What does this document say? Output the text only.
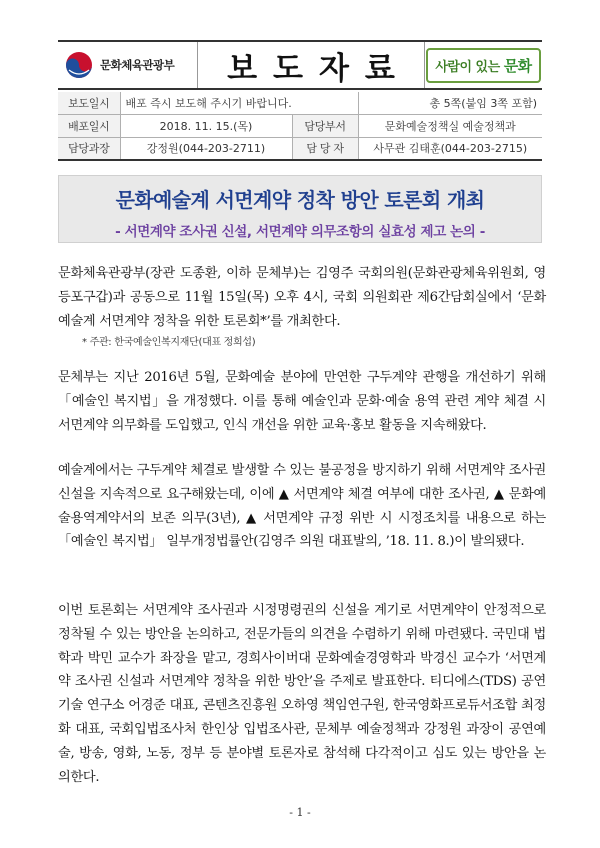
문화체육관광부	보도자료	사람이 있는 문화
보도일시	배포 즉시 보도해 주시기 바랍니다.		총 5쪽(붙임 3쪽 포함)
배포일시	2018. 11. 15.(목)	담당부서	문화예술정책실 예술정책과
담당과장	강정원(044-203-2711)	담 당 자	사무관 김태훈(044-203-2715)
문화예술계 서면계약 정착 방안 토론회 개최
- 서면계약 조사권 신설, 서면계약 의무조항의 실효성 제고 논의 -

문화체육관광부(장관 도종환, 이하 문체부)는 김영주 국회의원(문화관광체육위원회, 영등포구갑)과 공동으로 11월 15일(목) 오후 4시, 국회 의원회관 제6간담회실에서 ‘문화예술계 서면계약 정착을 위한 토론회*’를 개최한다.

* 주관: 한국예술인복지재단(대표 정희섭)

문체부는 지난 2016년 5월, 문화예술 분야에 만연한 구두계약 관행을 개선하기 위해 「예술인 복지법」을 개정했다. 이를 통해 예술인과 문화·예술 용역 관련 계약 체결 시 서면계약 의무화를 도입했고, 인식 개선을 위한 교육·홍보 활동을 지속해왔다.

예술계에서는 구두계약 체결로 발생할 수 있는 불공정을 방지하기 위해 서면계약 조사권 신설을 지속적으로 요구해왔는데, 이에 ▲ 서면계약 체결 여부에 대한 조사권, ▲ 문화예술용역계약서의 보존 의무(3년), ▲ 서면계약 규정 위반 시 시정조치를 내용으로 하는 「예술인 복지법」 일부개정법률안(김영주 의원 대표발의, ’18. 11. 8.)이 발의됐다.

이번 토론회는 서면계약 조사권과 시정명령권의 신설을 계기로 서면계약이 안정적으로 정착될 수 있는 방안을 논의하고, 전문가들의 의견을 수렴하기 위해 마련됐다. 국민대 법학과 박민 교수가 좌장을 맡고, 경희사이버대 문화예술경영학과 박경신 교수가 ‘서면계약 조사권 신설과 서면계약 정착을 위한 방안’을 주제로 발표한다. 티디에스(TDS) 공연기술 연구소 어경준 대표, 콘텐츠진흥원 오하영 책임연구원, 한국영화프로듀서조합 최정화 대표, 국회입법조사처 한인상 입법조사관, 문체부 예술정책과 강정원 과장이 공연예술, 방송, 영화, 노동, 정부 등 분야별 토론자로 참석해 다각적이고 심도 있는 방안을 논의한다.

- 1 -
